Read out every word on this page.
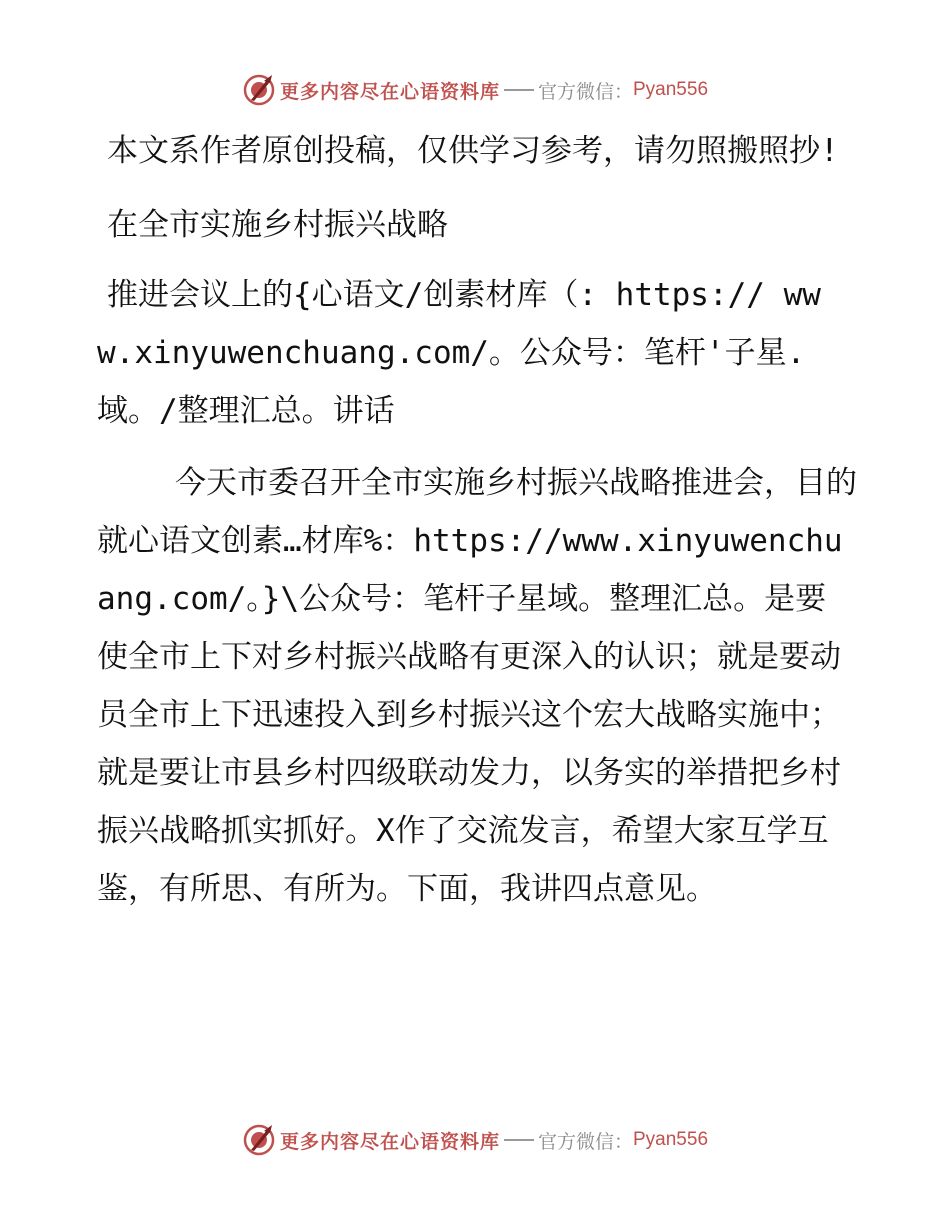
更多内容尽在心语资料库 官方微信： Pyan556

本文系作者原创投稿，仅供学习参考，请勿照搬照抄!

在全市实施乡村振兴战略

推进会议上的{心语文/创素材库（: https:// www.xinyuwenchuang.com/。公众号：笔杆'子星. 域。/整理汇总。讲话

今天市委召开全市实施乡村振兴战略推进会，目的就心语文创素…材库%：https://www.xinyuwenchuang.com/。}\公众号：笔杆子星域。整理汇总。是要使全市上下对乡村振兴战略有更深入的认识；就是要动员全市上下迅速投入到乡村振兴这个宏大战略实施中；就是要让市县乡村四级联动发力，以务实的举措把乡村振兴战略抓实抓好。X作了交流发言，希望大家互学互鉴，有所思、有所为。下面，我讲四点意见。

更多内容尽在心语资料库 官方微信： Pyan556
